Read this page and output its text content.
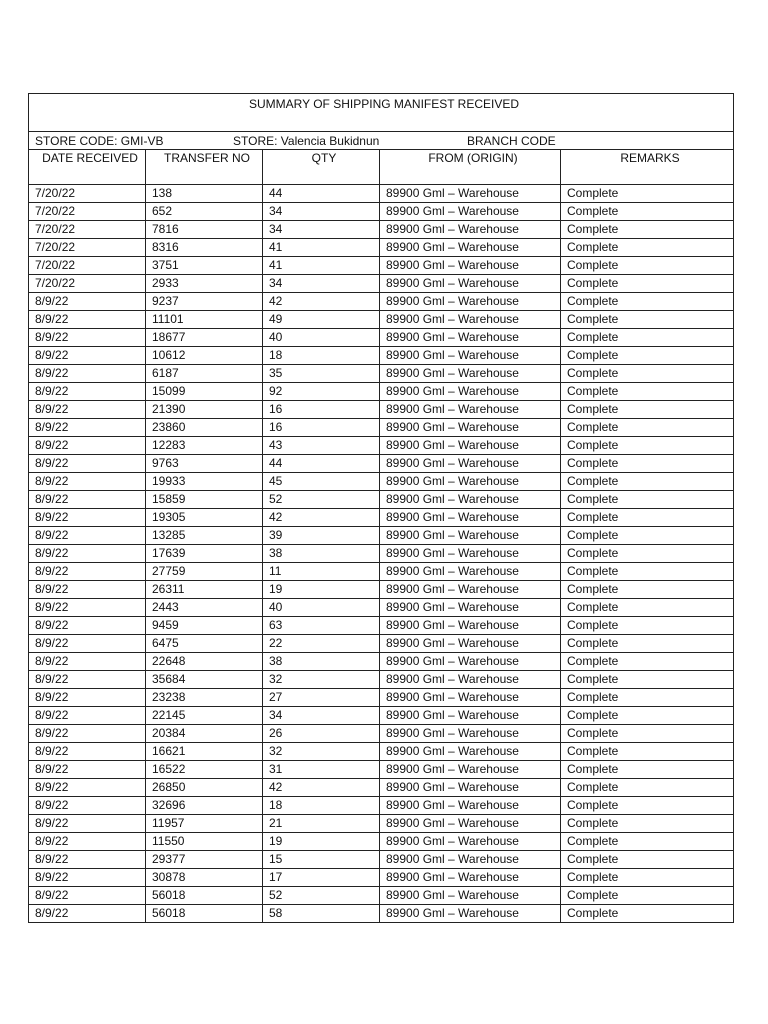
SUMMARY OF SHIPPING MANIFEST RECEIVED				

STORE CODE: GMI-VB STORE: Valencia Bukidnun BRANCH CODE				

DATE RECEIVED	TRANSFER NO	QTY	FROM (ORIGIN)	REMARKS
7/20/22	138	44	89900 Gml – Warehouse	Complete
7/20/22	652	34	89900 Gml – Warehouse	Complete
7/20/22	7816	34	89900 Gml – Warehouse	Complete
7/20/22	8316	41	89900 Gml – Warehouse	Complete
7/20/22	3751	41	89900 Gml – Warehouse	Complete
7/20/22	2933	34	89900 Gml – Warehouse	Complete
8/9/22	9237	42	89900 Gml – Warehouse	Complete
8/9/22	11101	49	89900 Gml – Warehouse	Complete
8/9/22	18677	40	89900 Gml – Warehouse	Complete
8/9/22	10612	18	89900 Gml – Warehouse	Complete
8/9/22	6187	35	89900 Gml – Warehouse	Complete
8/9/22	15099	92	89900 Gml – Warehouse	Complete
8/9/22	21390	16	89900 Gml – Warehouse	Complete
8/9/22	23860	16	89900 Gml – Warehouse	Complete
8/9/22	12283	43	89900 Gml – Warehouse	Complete
8/9/22	9763	44	89900 Gml – Warehouse	Complete
8/9/22	19933	45	89900 Gml – Warehouse	Complete
8/9/22	15859	52	89900 Gml – Warehouse	Complete
8/9/22	19305	42	89900 Gml – Warehouse	Complete
8/9/22	13285	39	89900 Gml – Warehouse	Complete
8/9/22	17639	38	89900 Gml – Warehouse	Complete
8/9/22	27759	11	89900 Gml – Warehouse	Complete
8/9/22	26311	19	89900 Gml – Warehouse	Complete
8/9/22	2443	40	89900 Gml – Warehouse	Complete
8/9/22	9459	63	89900 Gml – Warehouse	Complete
8/9/22	6475	22	89900 Gml – Warehouse	Complete
8/9/22	22648	38	89900 Gml – Warehouse	Complete
8/9/22	35684	32	89900 Gml – Warehouse	Complete
8/9/22	23238	27	89900 Gml – Warehouse	Complete
8/9/22	22145	34	89900 Gml – Warehouse	Complete
8/9/22	20384	26	89900 Gml – Warehouse	Complete
8/9/22	16621	32	89900 Gml – Warehouse	Complete
8/9/22	16522	31	89900 Gml – Warehouse	Complete
8/9/22	26850	42	89900 Gml – Warehouse	Complete
8/9/22	32696	18	89900 Gml – Warehouse	Complete
8/9/22	11957	21	89900 Gml – Warehouse	Complete
8/9/22	11550	19	89900 Gml – Warehouse	Complete
8/9/22	29377	15	89900 Gml – Warehouse	Complete
8/9/22	30878	17	89900 Gml – Warehouse	Complete
8/9/22	56018	52	89900 Gml – Warehouse	Complete
8/9/22	56018	58	89900 Gml – Warehouse	Complete
